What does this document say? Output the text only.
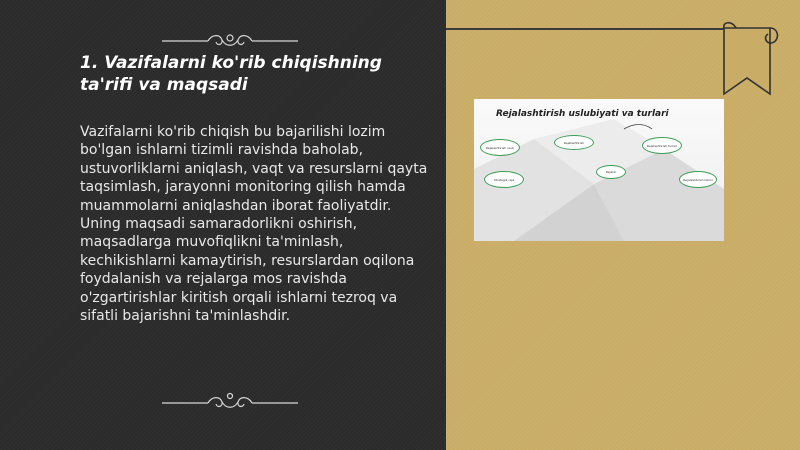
1. Vazifalarni ko'rib chiqishning ta'rifi va maqsadi

Vazifalarni ko'rib chiqish bu bajarilishi lozim bo'lgan ishlarni tizimli ravishda baholab, ustuvorliklarni aniqlash, vaqt va resurslarni qayta taqsimlash, jarayonni monitoring qilish hamda muammolarni aniqlashdan iborat faoliyatdir. Uning maqsadi samaradorlikni oshirish, maqsadlarga muvofiqlikni ta'minlash, kechikishlarni kamaytirish, resurslardan oqilona foydalanish va rejalarga mos ravishda o'zgartirishlar kiritish orqali ishlarni tezroq va sifatli bajarishni ta'minlashdir.

Rejalashtirish uslubiyati va turlari

Rejalashtirish usuli
Rejalashtirish
Rejalashtirish turlari
Strategik reja
Rejalar
Rejalashtirish tizimi
